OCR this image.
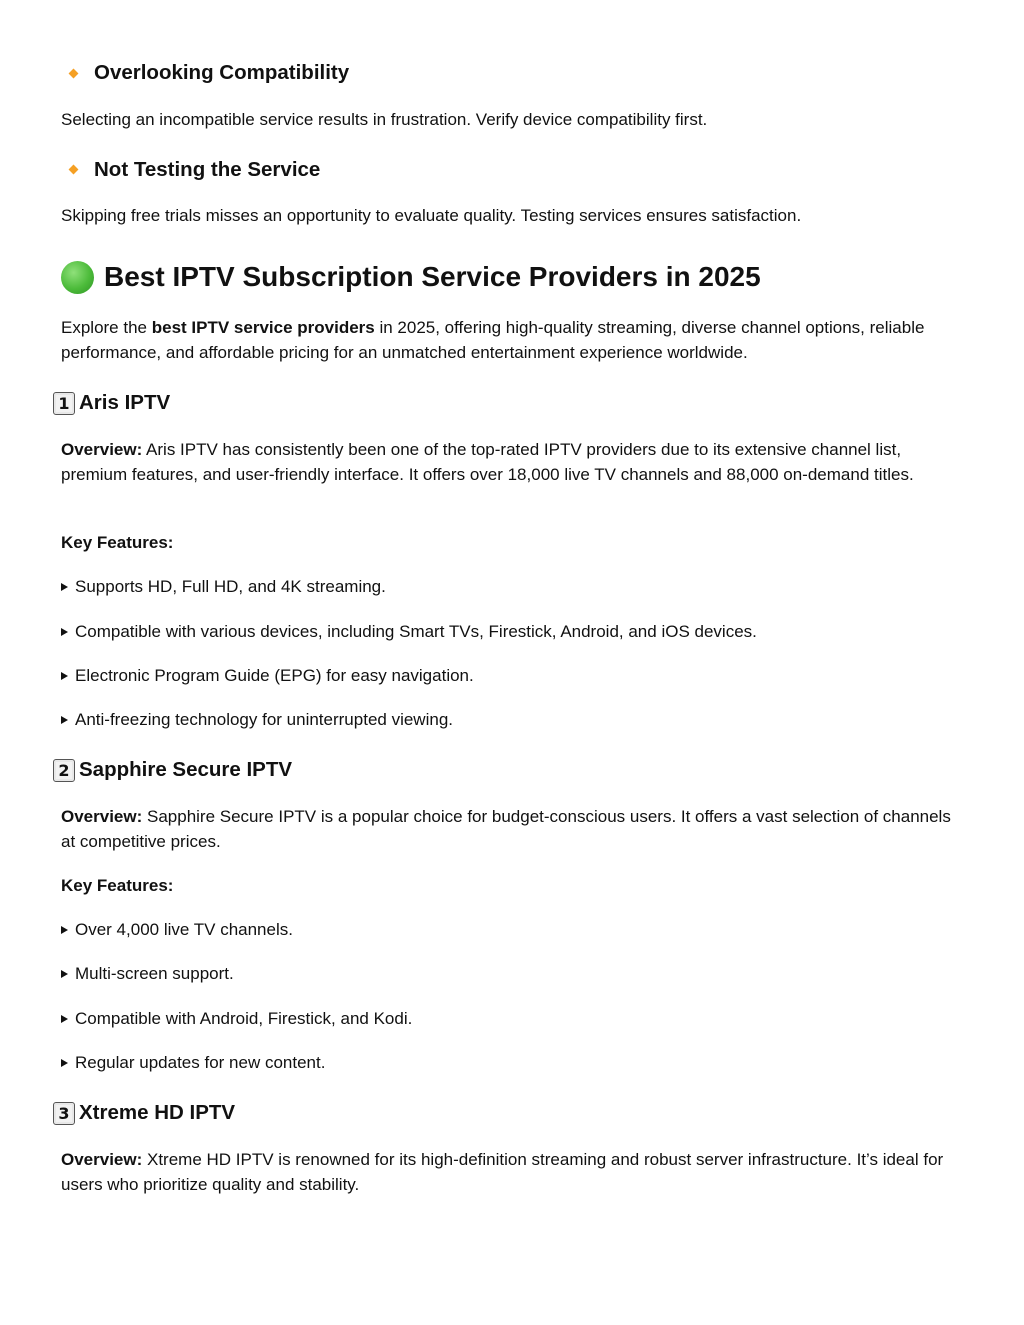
Overlooking Compatibility

Selecting an incompatible service results in frustration. Verify device compatibility first.

Not Testing the Service

Skipping free trials misses an opportunity to evaluate quality. Testing services ensures satisfaction.

Best IPTV Subscription Service Providers in 2025

Explore the best IPTV service providers in 2025, offering high-quality streaming, diverse channel options, reliable performance, and affordable pricing for an unmatched entertainment experience worldwide.

1 Aris IPTV

Overview: Aris IPTV has consistently been one of the top-rated IPTV providers due to its extensive channel list, premium features, and user-friendly interface. It offers over 18,000 live TV channels and 88,000 on-demand titles.

Key Features:
Supports HD, Full HD, and 4K streaming.
Compatible with various devices, including Smart TVs, Firestick, Android, and iOS devices.
Electronic Program Guide (EPG) for easy navigation.
Anti-freezing technology for uninterrupted viewing.
2 Sapphire Secure IPTV

Overview: Sapphire Secure IPTV is a popular choice for budget-conscious users. It offers a vast selection of channels at competitive prices.

Key Features:
Over 4,000 live TV channels.
Multi-screen support.
Compatible with Android, Firestick, and Kodi.
Regular updates for new content.
3 Xtreme HD IPTV

Overview: Xtreme HD IPTV is renowned for its high-definition streaming and robust server infrastructure. It’s ideal for users who prioritize quality and stability.
